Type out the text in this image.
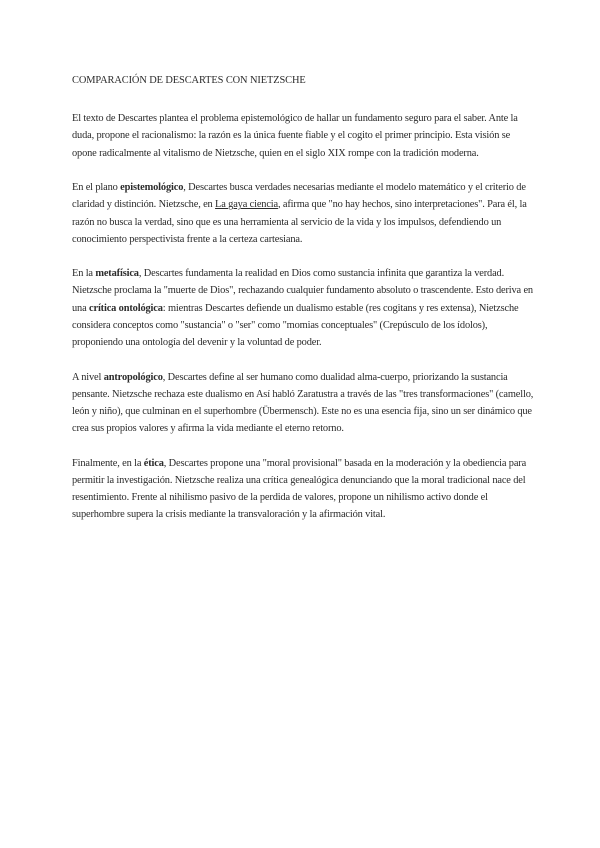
COMPARACIÓN DE DESCARTES CON NIETZSCHE

El texto de Descartes plantea el problema epistemológico de hallar un fundamento seguro para el saber. Ante la duda, propone el racionalismo: la razón es la única fuente fiable y el cogito el primer principio. Esta visión se opone radicalmente al vitalismo de Nietzsche, quien en el siglo XIX rompe con la tradición moderna.

En el plano epistemológico, Descartes busca verdades necesarias mediante el modelo matemático y el criterio de claridad y distinción. Nietzsche, en La gaya ciencia, afirma que "no hay hechos, sino interpretaciones". Para él, la razón no busca la verdad, sino que es una herramienta al servicio de la vida y los impulsos, defendiendo un conocimiento perspectivista frente a la certeza cartesiana.

En la metafísica, Descartes fundamenta la realidad en Dios como sustancia infinita que garantiza la verdad. Nietzsche proclama la "muerte de Dios", rechazando cualquier fundamento absoluto o trascendente. Esto deriva en una crítica ontológica: mientras Descartes defiende un dualismo estable (res cogitans y res extensa), Nietzsche considera conceptos como "sustancia" o "ser" como "momias conceptuales" (Crepúsculo de los ídolos), proponiendo una ontología del devenir y la voluntad de poder.

A nivel antropológico, Descartes define al ser humano como dualidad alma-cuerpo, priorizando la sustancia pensante. Nietzsche rechaza este dualismo en Así habló Zaratustra a través de las "tres transformaciones" (camello, león y niño), que culminan en el superhombre (Übermensch). Este no es una esencia fija, sino un ser dinámico que crea sus propios valores y afirma la vida mediante el eterno retorno.

Finalmente, en la ética, Descartes propone una "moral provisional" basada en la moderación y la obediencia para permitir la investigación. Nietzsche realiza una crítica genealógica denunciando que la moral tradicional nace del resentimiento. Frente al nihilismo pasivo de la perdida de valores, propone un nihilismo activo donde el superhombre supera la crisis mediante la transvaloración y la afirmación vital.
